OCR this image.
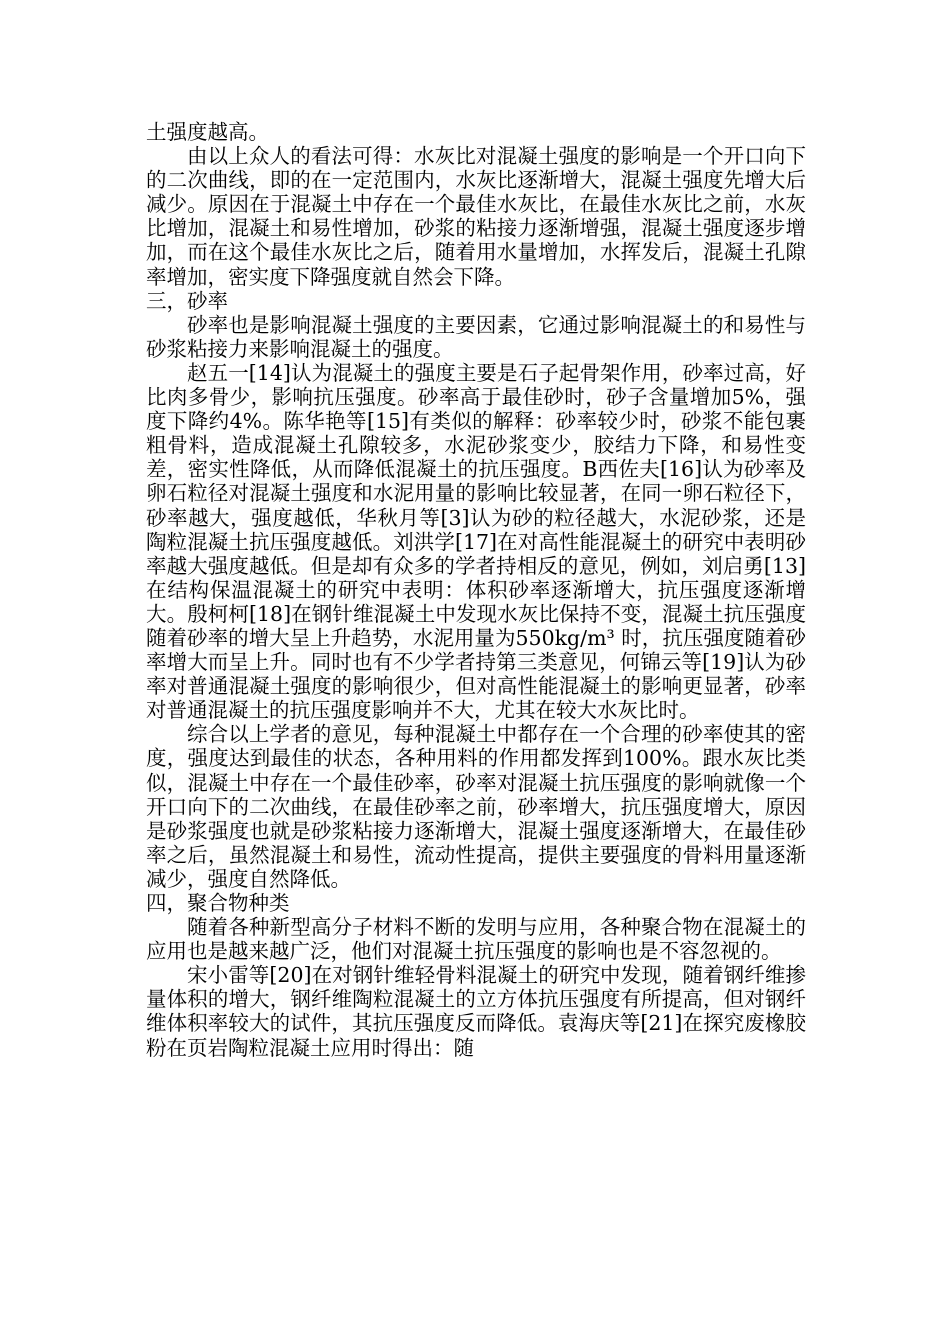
土强度越高。

由以上众人的看法可得：水灰比对混凝土强度的影响是一个开口向下的二次曲线，即的在一定范围内，水灰比逐渐增大，混凝土强度先增大后减少。原因在于混凝土中存在一个最佳水灰比，在最佳水灰比之前，水灰比增加，混凝土和易性增加，砂浆的粘接力逐渐增强，混凝土强度逐步增加，而在这个最佳水灰比之后，随着用水量增加，水挥发后，混凝土孔隙率增加，密实度下降强度就自然会下降。

三，砂率

砂率也是影响混凝土强度的主要因素，它通过影响混凝土的和易性与砂浆粘接力来影响混凝土的强度。

赵五一[14]认为混凝土的强度主要是石子起骨架作用，砂率过高，好比肉多骨少，影响抗压强度。砂率高于最佳砂时，砂子含量增加5%，强度下降约4%。陈华艳等[15]有类似的解释：砂率较少时，砂浆不能包裹粗骨料，造成混凝土孔隙较多，水泥砂浆变少，胶结力下降，和易性变差，密实性降低，从而降低混凝土的抗压强度。B西佐夫[16]认为砂率及卵石粒径对混凝土强度和水泥用量的影响比较显著，在同一卵石粒径下，砂率越大，强度越低，华秋月等[3]认为砂的粒径越大，水泥砂浆，还是陶粒混凝土抗压强度越低。刘洪学[17]在对高性能混凝土的研究中表明砂率越大强度越低。但是却有众多的学者持相反的意见，例如，刘启勇[13]在结构保温混凝土的研究中表明：体积砂率逐渐增大，抗压强度逐渐增大。殷柯柯[18]在钢针维混凝土中发现水灰比保持不变，混凝土抗压强度随着砂率的增大呈上升趋势，水泥用量为550kg/m³ 时，抗压强度随着砂率增大而呈上升。同时也有不少学者持第三类意见，何锦云等[19]认为砂率对普通混凝土强度的影响很少，但对高性能混凝土的影响更显著，砂率对普通混凝土的抗压强度影响并不大，尤其在较大水灰比时。

综合以上学者的意见，每种混凝土中都存在一个合理的砂率使其的密度，强度达到最佳的状态，各种用料的作用都发挥到100%。跟水灰比类似，混凝土中存在一个最佳砂率，砂率对混凝土抗压强度的影响就像一个开口向下的二次曲线，在最佳砂率之前，砂率增大，抗压强度增大，原因是砂浆强度也就是砂浆粘接力逐渐增大，混凝土强度逐渐增大，在最佳砂率之后，虽然混凝土和易性，流动性提高，提供主要强度的骨料用量逐渐减少，强度自然降低。

四，聚合物种类

随着各种新型高分子材料不断的发明与应用，各种聚合物在混凝土的应用也是越来越广泛，他们对混凝土抗压强度的影响也是不容忽视的。

宋小雷等[20]在对钢针维轻骨料混凝土的研究中发现，随着钢纤维掺量体积的增大，钢纤维陶粒混凝土的立方体抗压强度有所提高，但对钢纤维体积率较大的试件，其抗压强度反而降低。袁海庆等[21]在探究废橡胶粉在页岩陶粒混凝土应用时得出：随
